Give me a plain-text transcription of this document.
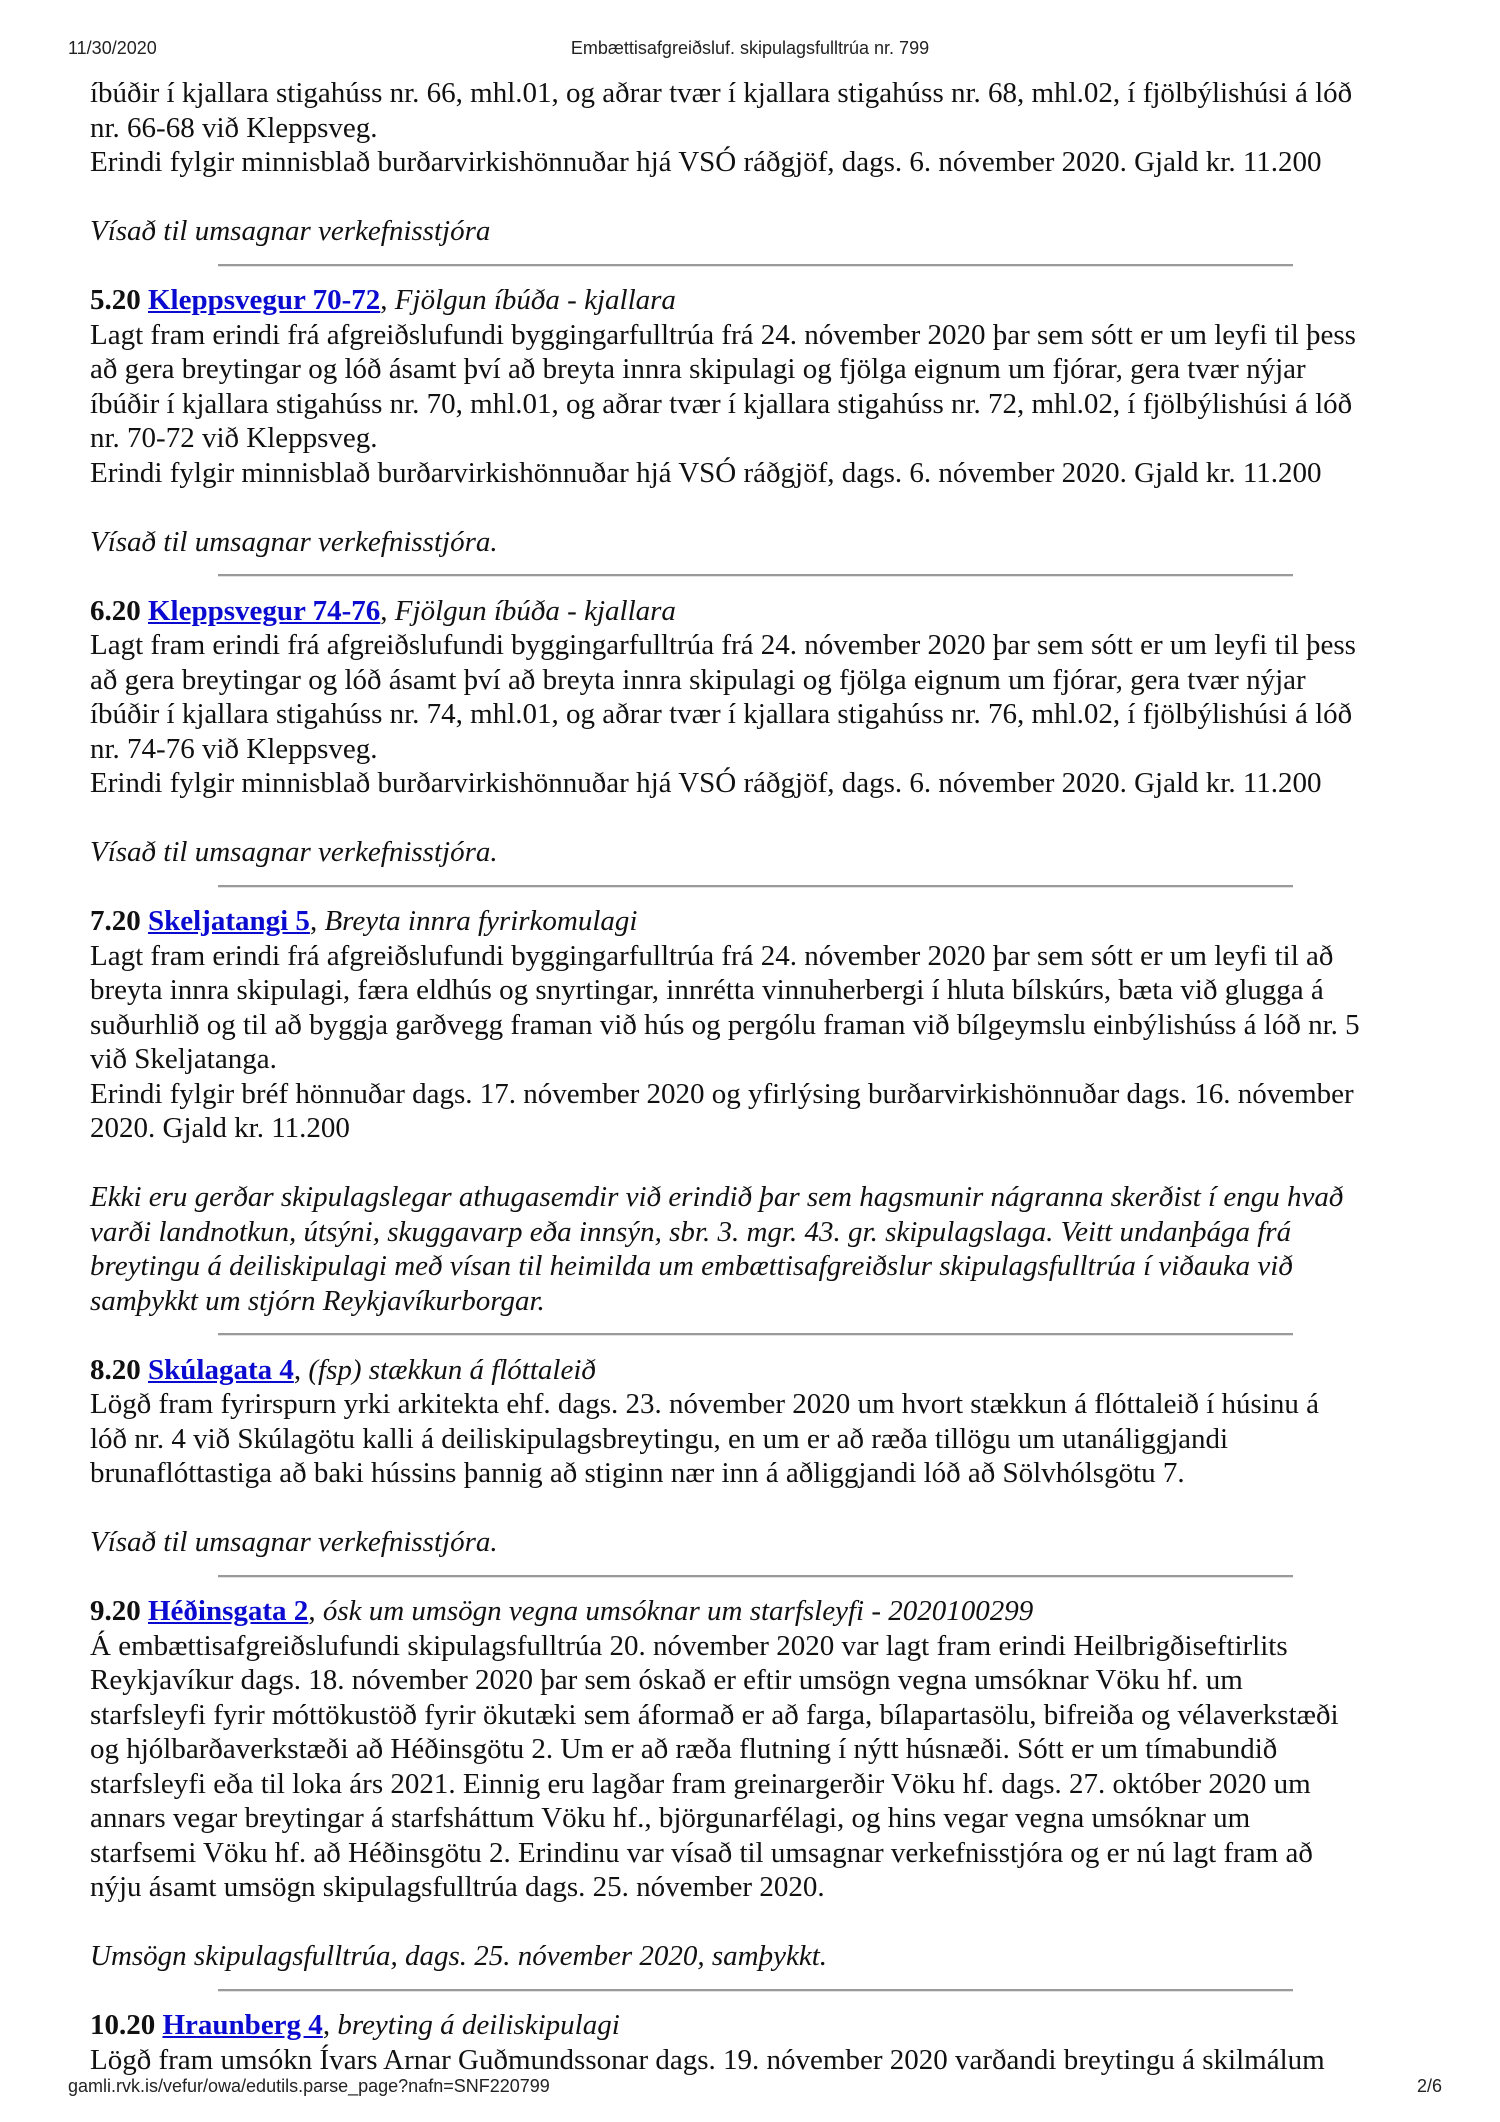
11/30/2020	Embættisafgreiðsluf. skipulagsfulltrúa nr. 799
íbúðir í kjallara stigahúss nr. 66, mhl.01, og aðrar tvær í kjallara stigahúss nr. 68, mhl.02, í fjölbýlishúsi á lóð
nr. 66-68 við Kleppsveg.
Erindi fylgir minnisblað burðarvirkishönnuðar hjá VSÓ ráðgjöf, dags. 6. nóvember 2020. Gjald kr. 11.200
Vísað til umsagnar verkefnisstjóra
5.20 Kleppsvegur 70-72, Fjölgun íbúða - kjallara
Lagt fram erindi frá afgreiðslufundi byggingarfulltrúa frá 24. nóvember 2020 þar sem sótt er um leyfi til þess
að gera breytingar og lóð ásamt því að breyta innra skipulagi og fjölga eignum um fjórar, gera tvær nýjar
íbúðir í kjallara stigahúss nr. 70, mhl.01, og aðrar tvær í kjallara stigahúss nr. 72, mhl.02, í fjölbýlishúsi á lóð
nr. 70-72 við Kleppsveg.
Erindi fylgir minnisblað burðarvirkishönnuðar hjá VSÓ ráðgjöf, dags. 6. nóvember 2020. Gjald kr. 11.200
Vísað til umsagnar verkefnisstjóra.
6.20 Kleppsvegur 74-76, Fjölgun íbúða - kjallara
Lagt fram erindi frá afgreiðslufundi byggingarfulltrúa frá 24. nóvember 2020 þar sem sótt er um leyfi til þess
að gera breytingar og lóð ásamt því að breyta innra skipulagi og fjölga eignum um fjórar, gera tvær nýjar
íbúðir í kjallara stigahúss nr. 74, mhl.01, og aðrar tvær í kjallara stigahúss nr. 76, mhl.02, í fjölbýlishúsi á lóð
nr. 74-76 við Kleppsveg.
Erindi fylgir minnisblað burðarvirkishönnuðar hjá VSÓ ráðgjöf, dags. 6. nóvember 2020. Gjald kr. 11.200
Vísað til umsagnar verkefnisstjóra.
7.20 Skeljatangi 5, Breyta innra fyrirkomulagi
Lagt fram erindi frá afgreiðslufundi byggingarfulltrúa frá 24. nóvember 2020 þar sem sótt er um leyfi til að
breyta innra skipulagi, færa eldhús og snyrtingar, innrétta vinnuherbergi í hluta bílskúrs, bæta við glugga á
suðurhlið og til að byggja garðvegg framan við hús og pergólu framan við bílgeymslu einbýlishúss á lóð nr. 5
við Skeljatanga.
Erindi fylgir bréf hönnuðar dags. 17. nóvember 2020 og yfirlýsing burðarvirkishönnuðar dags. 16. nóvember
2020. Gjald kr. 11.200
Ekki eru gerðar skipulagslegar athugasemdir við erindið þar sem hagsmunir nágranna skerðist í engu hvað
varði landnotkun, útsýni, skuggavarp eða innsýn, sbr. 3. mgr. 43. gr. skipulagslaga. Veitt undanþága frá
breytingu á deiliskipulagi með vísan til heimilda um embættisafgreiðslur skipulagsfulltrúa í viðauka við
samþykkt um stjórn Reykjavíkurborgar.
8.20 Skúlagata 4, (fsp) stækkun á flóttaleið
Lögð fram fyrirspurn yrki arkitekta ehf. dags. 23. nóvember 2020 um hvort stækkun á flóttaleið í húsinu á
lóð nr. 4 við Skúlagötu kalli á deiliskipulagsbreytingu, en um er að ræða tillögu um utanáliggjandi
brunaflóttastiga að baki hússins þannig að stiginn nær inn á aðliggjandi lóð að Sölvhólsgötu 7.
Vísað til umsagnar verkefnisstjóra.
9.20 Héðinsgata 2, ósk um umsögn vegna umsóknar um starfsleyfi - 2020100299
Á embættisafgreiðslufundi skipulagsfulltrúa 20. nóvember 2020 var lagt fram erindi Heilbrigðiseftirlits
Reykjavíkur dags. 18. nóvember 2020 þar sem óskað er eftir umsögn vegna umsóknar Vöku hf. um
starfsleyfi fyrir móttökustöð fyrir ökutæki sem áformað er að farga, bílapartasölu, bifreiða og vélaverkstæði
og hjólbarðaverkstæði að Héðinsgötu 2. Um er að ræða flutning í nýtt húsnæði. Sótt er um tímabundið
starfsleyfi eða til loka árs 2021. Einnig eru lagðar fram greinargerðir Vöku hf. dags. 27. október 2020 um
annars vegar breytingar á starfsháttum Vöku hf., björgunarfélagi, og hins vegar vegna umsóknar um
starfsemi Vöku hf. að Héðinsgötu 2. Erindinu var vísað til umsagnar verkefnisstjóra og er nú lagt fram að
nýju ásamt umsögn skipulagsfulltrúa dags. 25. nóvember 2020.
Umsögn skipulagsfulltrúa, dags. 25. nóvember 2020, samþykkt.
10.20 Hraunberg 4, breyting á deiliskipulagi
Lögð fram umsókn Ívars Arnar Guðmundssonar dags. 19. nóvember 2020 varðandi breytingu á skilmálum
gamli.rvk.is/vefur/owa/edutils.parse_page?nafn=SNF220799	2/6
